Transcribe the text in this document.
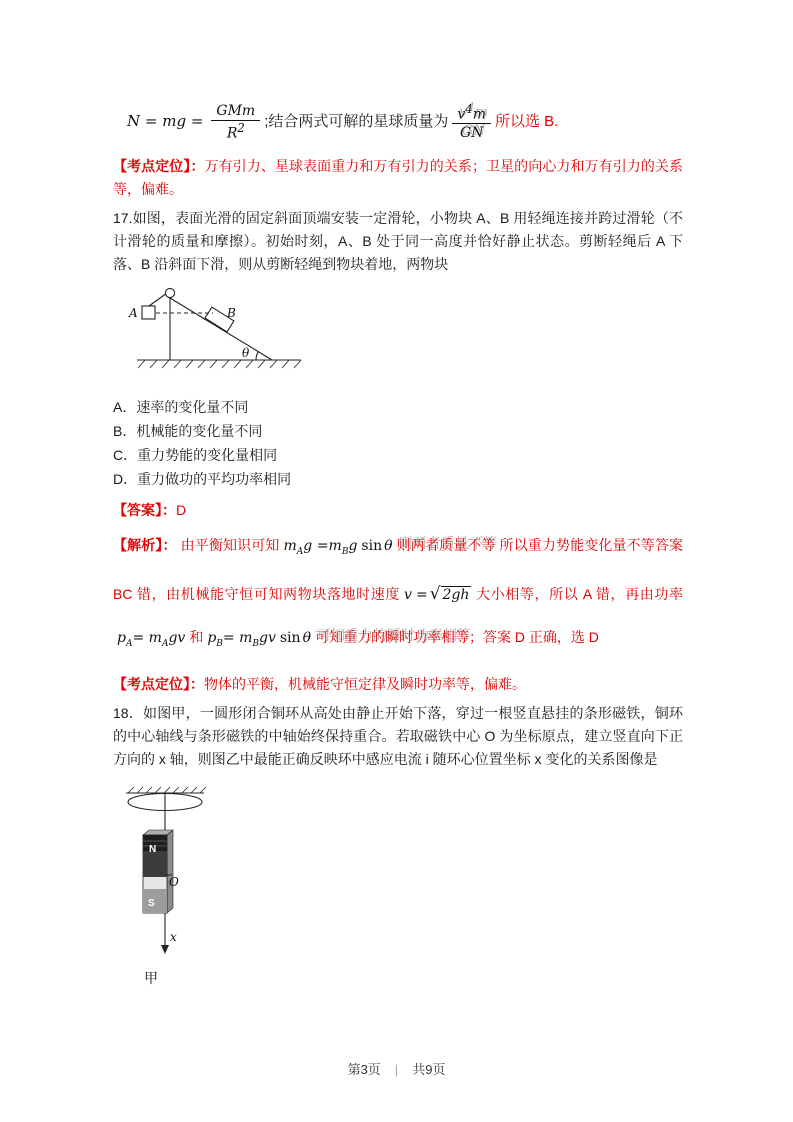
N = mg = $\frac{\text{GMm}}{R^2}$ ;结合两式可解的星球质量为 $\frac{v^4m}{GN}$ 所以选 B.

【考点定位】：万有引力、星球表面重力和万有引力的关系；卫星的向心力和万有引力的关系等，偏难。

17.如图，表面光滑的固定斜面顶端安装一定滑轮，小物块 A、B 用轻绳连接并跨过滑轮（不计滑轮的质量和摩擦）。初始时刻，A、B 处于同一高度并恰好静止状态。剪断轻绳后 A 下落、B 沿斜面下滑，则从剪断轻绳到物块着地，两物块

A	B
θ
A．速率的变化量不同
B．机械能的变化量不同
C．重力势能的变化量相同
D．重力做功的平均功率相同

【答案】：D

【解析】： 由平衡知识可知 $m_Ag =m_Bg$ sin θ 则两者质量不等 所以重力势能变化量不等答案 BC 错，由机械能守恒可知两物块落地时速度 v = √ 2gh 大小相等，所以 A 错，再由功率$p_A= m_Agv$ 和 $p_B= m_Bgv$ sin θ 可知重力的瞬时功率相等；答案 D 正确，选 D

【考点定位】：物体的平衡，机械能守恒定律及瞬时功率等，偏难。

18．如图甲，一圆形闭合铜环从高处由静止开始下落，穿过一根竖直悬挂的条形磁铁，铜环的中心轴线与条形磁铁的中轴始终保持重合。若取磁铁中心 O 为坐标原点，建立竖直向下正方向的 x 轴，则图乙中最能正确反映环中感应电流 i 随环心位置坐标 x 变化的关系图像是

N
S
O
x
甲
第3页 | 共9页
